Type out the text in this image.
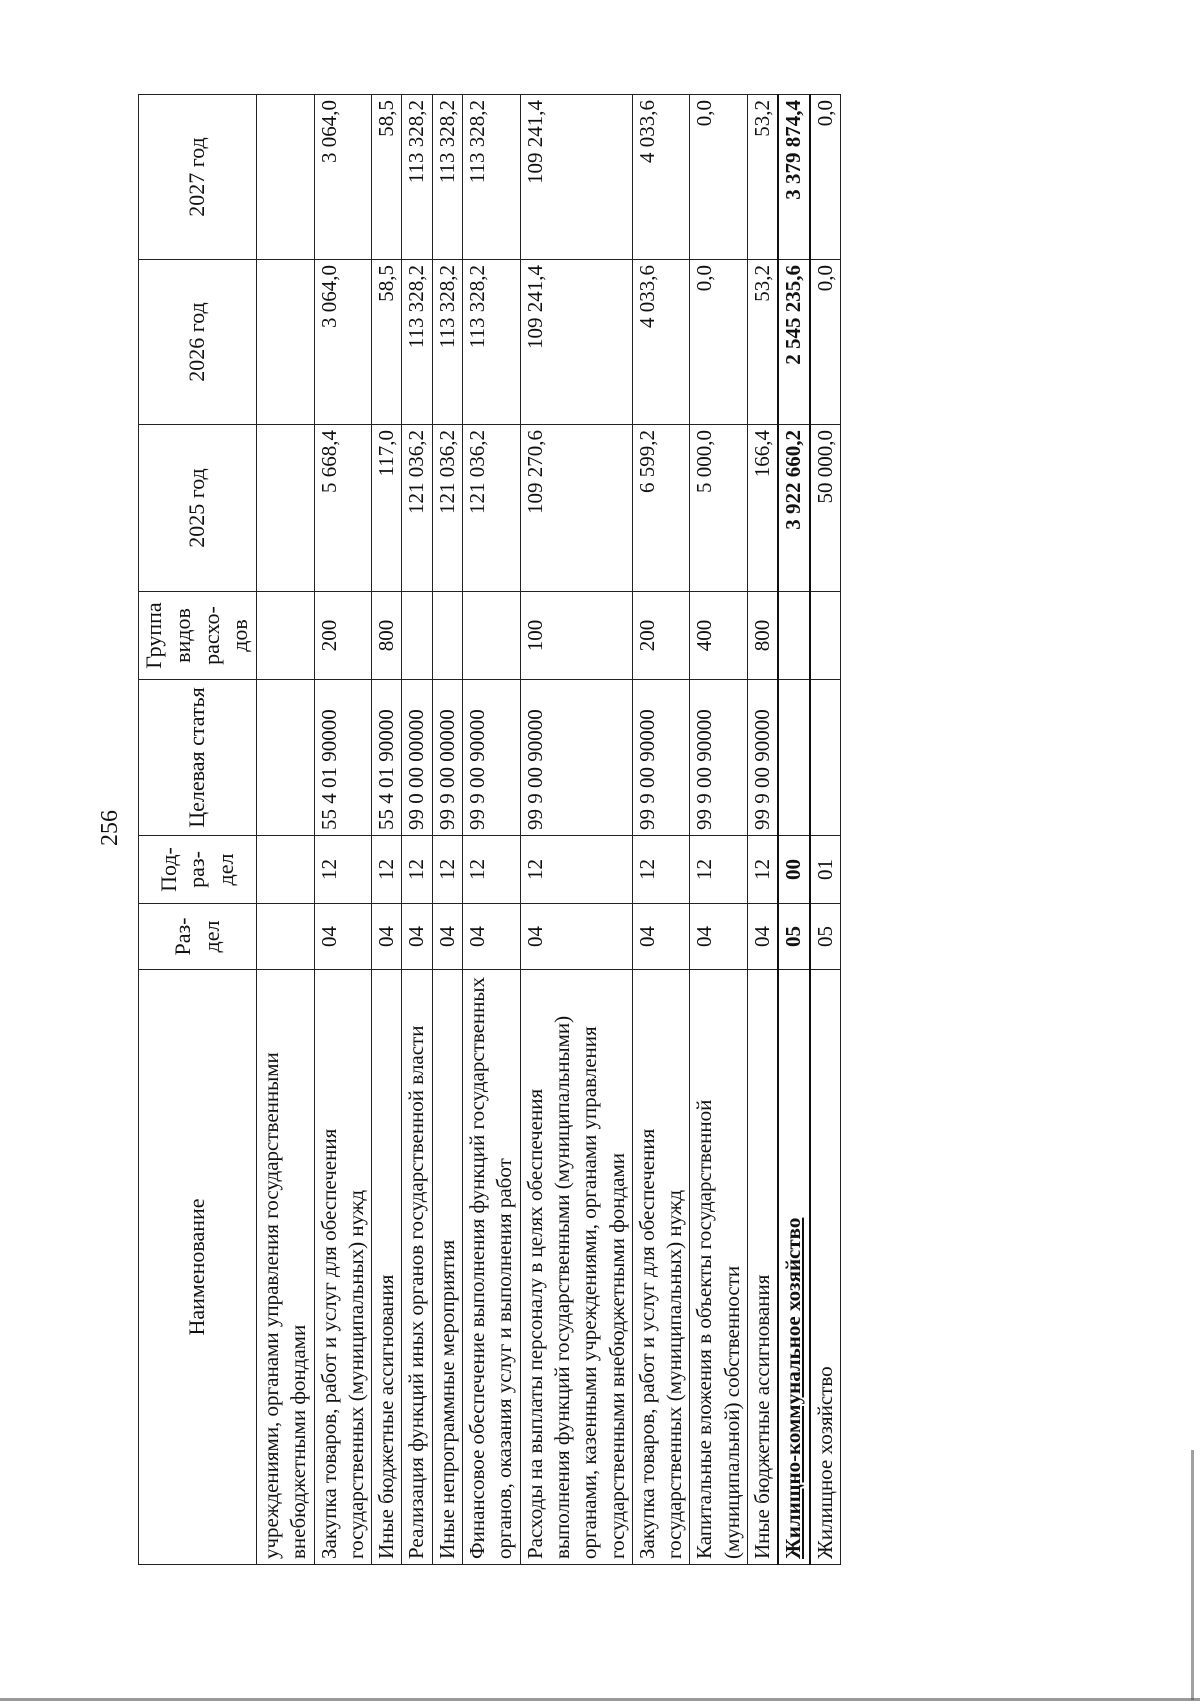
256
Наименование	Раз-дел	Под-раз-дел	Целевая статья	Группа видов расхо-дов	2025 год	2026 год	2027 год
учреждениями, органами управления государственными внебюджетными фондами							
Закупка товаров, работ и услуг для обеспечения государственных (муниципальных) нужд	04	12	55 4 01 90000	200	5 668,4	3 064,0	3 064,0
Иные бюджетные ассигнования	04	12	55 4 01 90000	800	117,0	58,5	58,5
Реализация функций иных органов государственной власти	04	12	99 0 00 00000		121 036,2	113 328,2	113 328,2
Иные непрограммные мероприятия	04	12	99 9 00 00000		121 036,2	113 328,2	113 328,2
Финансовое обеспечение выполнения функций государственных органов, оказания услуг и выполнения работ	04	12	99 9 00 90000		121 036,2	113 328,2	113 328,2
Расходы на выплаты персоналу в целях обеспечения выполнения функций государственными (муниципальными) органами, казенными учреждениями, органами управления государственными внебюджетными фондами	04	12	99 9 00 90000	100	109 270,6	109 241,4	109 241,4
Закупка товаров, работ и услуг для обеспечения государственных (муниципальных) нужд	04	12	99 9 00 90000	200	6 599,2	4 033,6	4 033,6
Капитальные вложения в объекты государственной (муниципальной) собственности	04	12	99 9 00 90000	400	5 000,0	0,0	0,0
Иные бюджетные ассигнования	04	12	99 9 00 90000	800	166,4	53,2	53,2
Жилищно-коммунальное хозяйство	05	00			3 922 660,2	2 545 235,6	3 379 874,4
Жилищное хозяйство	05	01			50 000,0	0,0	0,0
